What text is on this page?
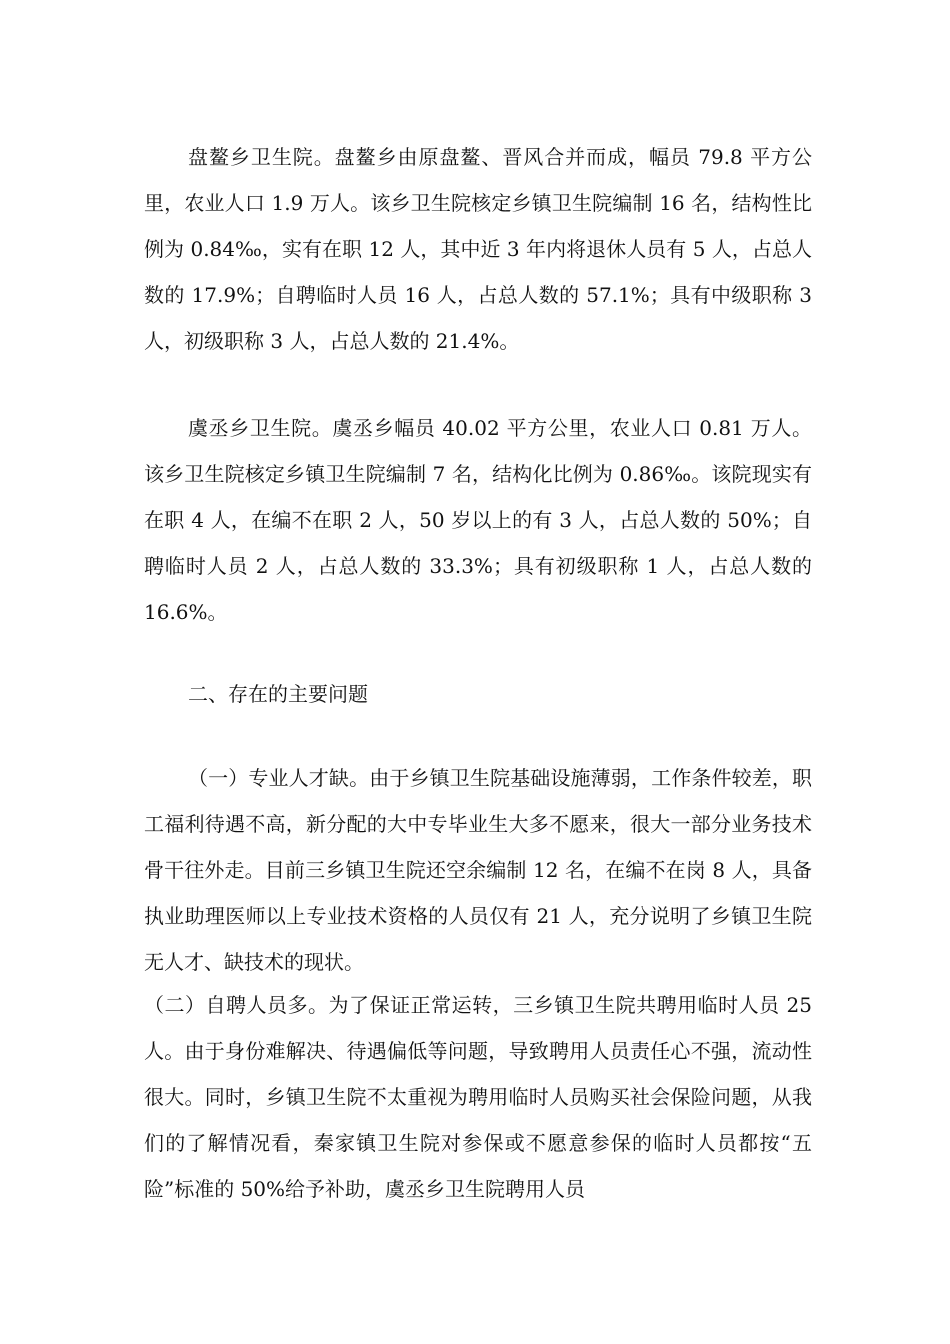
盘鳌乡卫生院。盘鳌乡由原盘鳌、晋风合并而成，幅员 79.8 平方公里，农业人口 1.9 万人。该乡卫生院核定乡镇卫生院编制 16 名，结构性比例为 0.84‰，实有在职 12 人，其中近 3 年内将退休人员有 5 人，占总人数的 17.9%；自聘临时人员 16 人，占总人数的 57.1%；具有中级职称 3 人，初级职称 3 人，占总人数的 21.4%。

虞丞乡卫生院。虞丞乡幅员 40.02 平方公里，农业人口 0.81 万人。该乡卫生院核定乡镇卫生院编制 7 名，结构化比例为 0.86‰。该院现实有在职 4 人，在编不在职 2 人，50 岁以上的有 3 人，占总人数的 50%；自聘临时人员 2 人，占总人数的 33.3%；具有初级职称 1 人，占总人数的 16.6%。

二、存在的主要问题

（一）专业人才缺。由于乡镇卫生院基础设施薄弱，工作条件较差，职工福利待遇不高，新分配的大中专毕业生大多不愿来，很大一部分业务技术骨干往外走。目前三乡镇卫生院还空余编制 12 名，在编不在岗 8 人，具备执业助理医师以上专业技术资格的人员仅有 21 人，充分说明了乡镇卫生院无人才、缺技术的现状。

（二）自聘人员多。为了保证正常运转，三乡镇卫生院共聘用临时人员 25 人。由于身份难解决、待遇偏低等问题，导致聘用人员责任心不强，流动性很大。同时，乡镇卫生院不太重视为聘用临时人员购买社会保险问题，从我们的了解情况看，秦家镇卫生院对参保或不愿意参保的临时人员都按“五险”标准的 50%给予补助，虞丞乡卫生院聘用人员
